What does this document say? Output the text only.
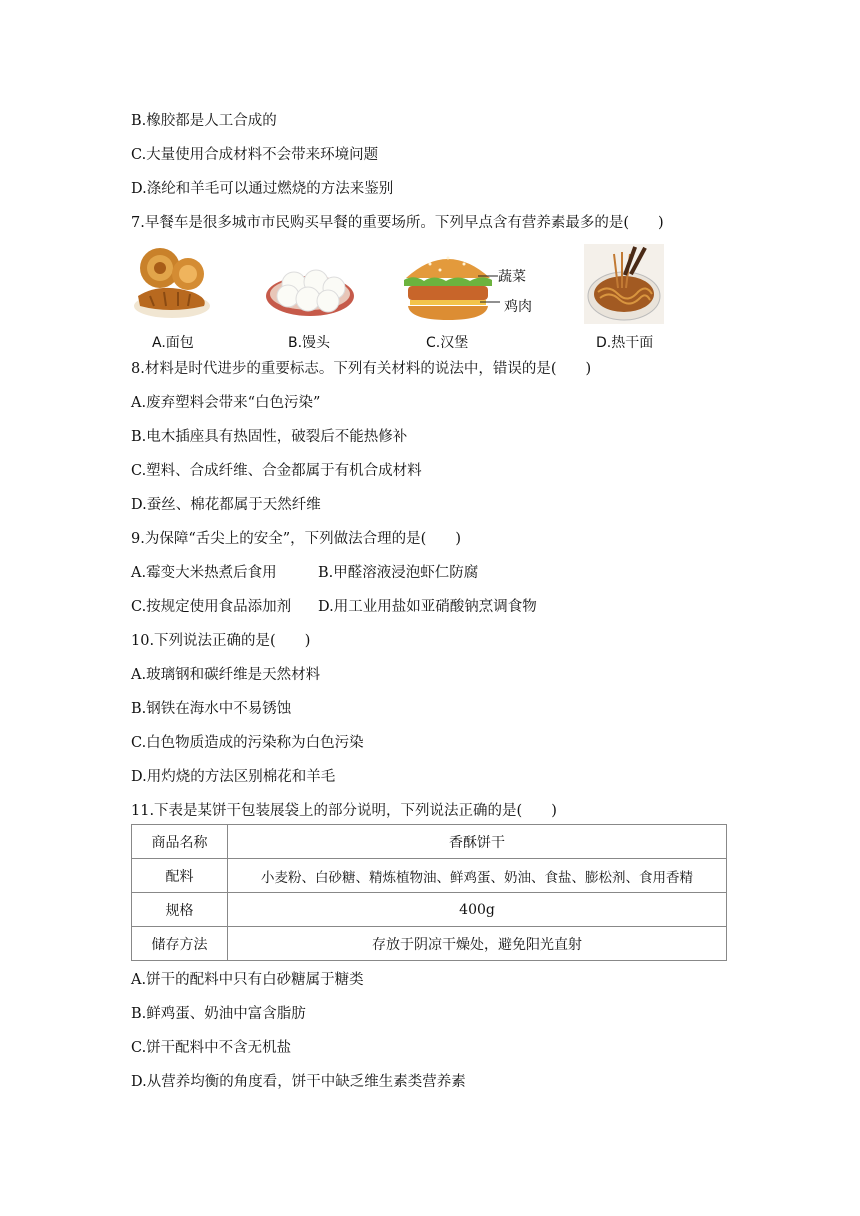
B.橡胶都是人工合成的
C.大量使用合成材料不会带来环境问题
D.涤纶和羊毛可以通过燃烧的方法来鉴别
7.早餐车是很多城市市民购买早餐的重要场所。下列早点含有营养素最多的是(　　)
A.面包	B.馒头
蔬菜
鸡肉
C.汉堡	D.热干面
8.材料是时代进步的重要标志。下列有关材料的说法中，错误的是(　　)
A.废弃塑料会带来“白色污染”
B.电木插座具有热固性，破裂后不能热修补
C.塑料、合成纤维、合金都属于有机合成材料
D.蚕丝、棉花都属于天然纤维
9.为保障“舌尖上的安全”，下列做法合理的是(　　)
A.霉变大米热煮后食用	B.甲醛溶液浸泡虾仁防腐
C.按规定使用食品添加剂 D.用工业用盐如亚硝酸钠烹调食物
10.下列说法正确的是(　　)
A.玻璃钢和碳纤维是天然材料
B.钢铁在海水中不易锈蚀
C.白色物质造成的污染称为白色污染
D.用灼烧的方法区别棉花和羊毛
11.下表是某饼干包装展袋上的部分说明，下列说法正确的是(　　)
商品名称	香酥饼干
配料	小麦粉、白砂糖、精炼植物油、鲜鸡蛋、奶油、食盐、膨松剂、食用香精
规格	400g
储存方法	存放于阴凉干燥处，避免阳光直射
A.饼干的配料中只有白砂糖属于糖类
B.鲜鸡蛋、奶油中富含脂肪
C.饼干配料中不含无机盐
D.从营养均衡的角度看，饼干中缺乏维生素类营养素
